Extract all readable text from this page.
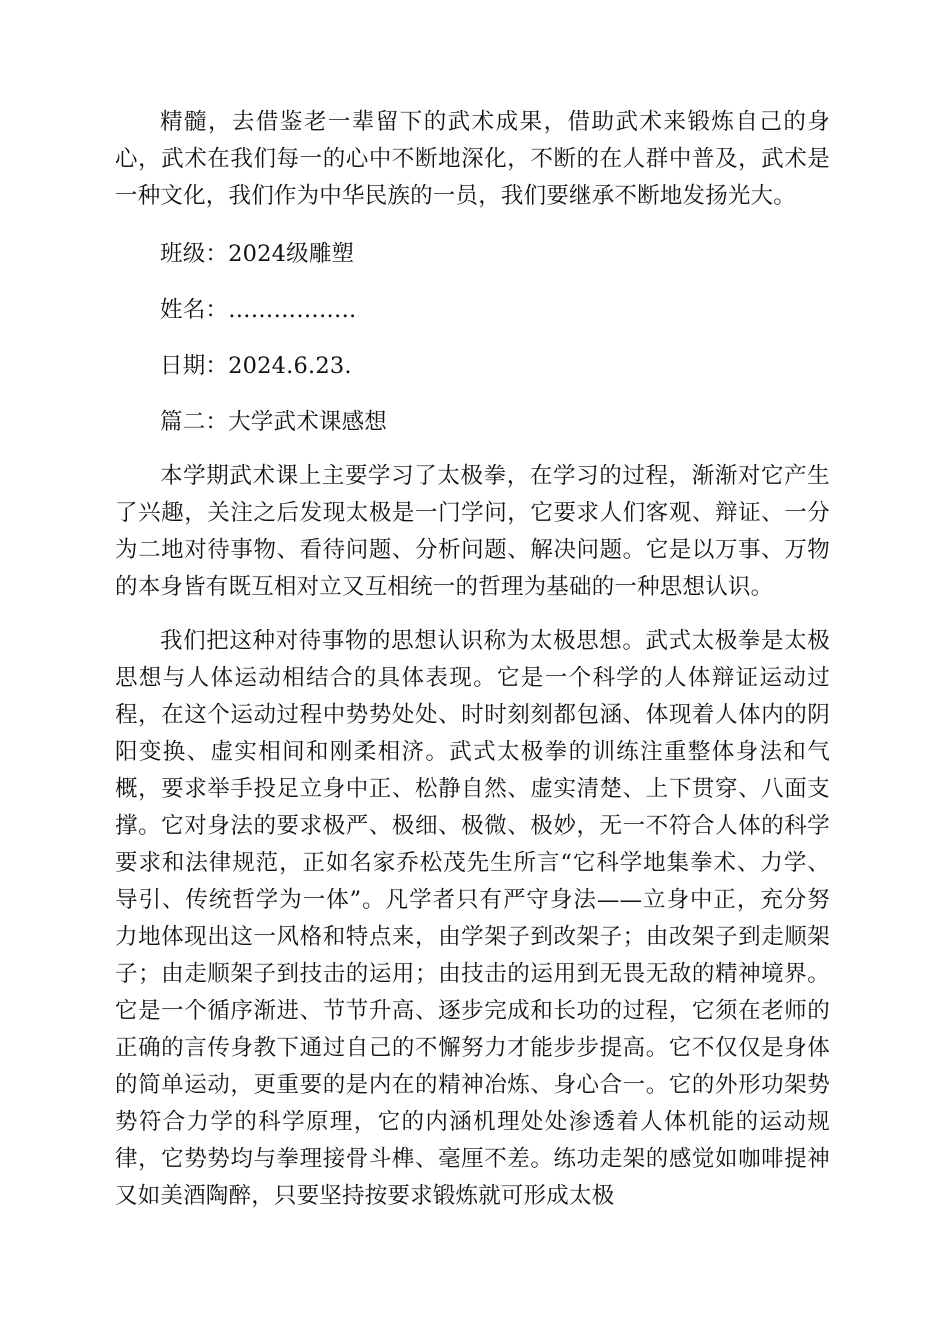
精髓，去借鉴老一辈留下的武术成果，借助武术来锻炼自己的身心，武术在我们每一的心中不断地深化，不断的在人群中普及，武术是一种文化，我们作为中华民族的一员，我们要继承不断地发扬光大。

班级：2024级雕塑

姓名：……………..

日期：2024.6.23.

篇二：大学武术课感想

本学期武术课上主要学习了太极拳，在学习的过程，渐渐对它产生了兴趣，关注之后发现太极是一门学问，它要求人们客观、辩证、一分为二地对待事物、看待问题、分析问题、解决问题。它是以万事、万物的本身皆有既互相对立又互相统一的哲理为基础的一种思想认识。

我们把这种对待事物的思想认识称为太极思想。武式太极拳是太极思想与人体运动相结合的具体表现。它是一个科学的人体辩证运动过程，在这个运动过程中势势处处、时时刻刻都包涵、体现着人体内的阴阳变换、虚实相间和刚柔相济。武式太极拳的训练注重整体身法和气概，要求举手投足立身中正、松静自然、虚实清楚、上下贯穿、八面支撑。它对身法的要求极严、极细、极微、极妙，无一不符合人体的科学要求和法律规范，正如名家乔松茂先生所言“它科学地集拳术、力学、导引、传统哲学为一体”。凡学者只有严守身法——立身中正，充分努力地体现出这一风格和特点来，由学架子到改架子；由改架子到走顺架子；由走顺架子到技击的运用；由技击的运用到无畏无敌的精神境界。它是一个循序渐进、节节升高、逐步完成和长功的过程，它须在老师的正确的言传身教下通过自己的不懈努力才能步步提高。它不仅仅是身体的简单运动，更重要的是内在的精神冶炼、身心合一。它的外形功架势势符合力学的科学原理，它的内涵机理处处渗透着人体机能的运动规律，它势势均与拳理接骨斗榫、毫厘不差。练功走架的感觉如咖啡提神又如美酒陶醉，只要坚持按要求锻炼就可形成太极
